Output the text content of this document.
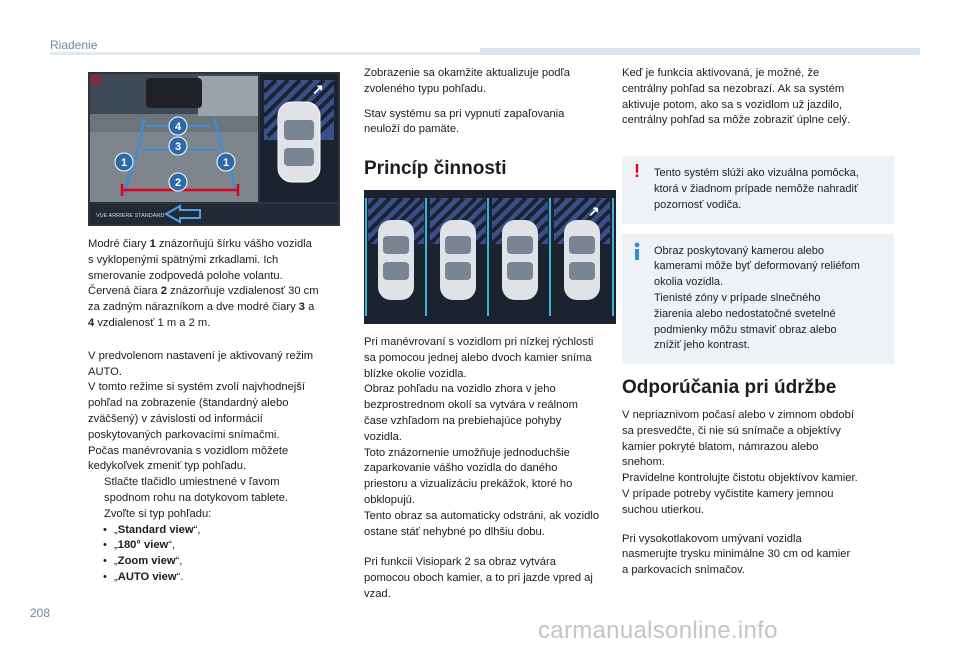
Riadenie
1	1
2
3
4
↗
VUE ARRIERE STANDARD

Modré čiary 1 znázorňujú šírku vášho vozidla
s vyklopenými spätnými zrkadlami. Ich
smerovanie zodpovedá polohe volantu.
Červená čiara 2 znázorňuje vzdialenosť 30 cm
za zadným nárazníkom a dve modré čiary 3 a
4 vzdialenosť 1 m a 2 m.

V predvolenom nastavení je aktivovaný režim
AUTO.
V tomto režime si systém zvolí najvhodnejší
pohľad na zobrazenie (štandardný alebo
zväčšený) v závislosti od informácií
poskytovaných parkovacími snímačmi.
Počas manévrovania s vozidlom môžete
kedykoľvek zmeniť typ pohľadu.
Stlačte tlačidlo umiestnené v ľavom
spodnom rohu na dotykovom tablete.
Zvoľte si typ pohľadu:
• „Standard view“,
• „180° view“,
• „Zoom view“,
• „AUTO view“.

Zobrazenie sa okamžite aktualizuje podľa
zvoleného typu pohľadu.

Stav systému sa pri vypnutí zapaľovania
neuloží do pamäte.

Princíp činnosti
↗

Pri manévrovaní s vozidlom pri nízkej rýchlosti
sa pomocou jednej alebo dvoch kamier snímа
blízke okolie vozidla.
Obraz pohľadu na vozidlo zhora v jeho
bezprostrednom okolí sa vytvára v reálnom
čase vzhľadom na prebiehajúce pohyby
vozidla.
Toto znázornenie umožňuje jednoduchšie
zaparkovanie vášho vozidla do daného
priestoru a vizualizáciu prekážok, ktoré ho
obklopujú.
Tento obraz sa automaticky odstráni, ak vozidlo
ostane stáť nehybné po dlhšiu dobu.

Pri funkcii Visiopark 2 sa obraz vytvára
pomocou oboch kamier, a to pri jazde vpred aj
vzad.

Keď je funkcia aktivovaná, je možné, že
centrálny pohľad sa nezobrazí. Ak sa systém
aktivuje potom, ako sa s vozidlom už jazdilo,
centrálny pohľad sa môže zobraziť úplne celý.

! Tento systém slúži ako vizuálna pomôcka,
ktorá v žiadnom prípade nemôže nahradiť
pozornosť vodiča.
Obraz poskytovaný kamerou alebo
kamerami môže byť deformovaný reliéfom
okolia vozidla.
Tienisté zóny v prípade slnečného
žiarenia alebo nedostatočné svetelné
podmienky môžu stmaviť obraz alebo
znížiť jeho kontrast.
Odporúčania pri údržbe

V nepriaznivom počasí alebo v zimnom období
sa presvedčte, či nie sú snímače a objektívy
kamier pokryté blatom, námrazou alebo
snehom.
Pravidelne kontrolujte čistotu objektívov kamier.
V prípade potreby vyčistite kamery jemnou
suchou utierkou.

Pri vysokotlakovom umývaní vozidla
nasmerujte trysku minimálne 30 cm od kamier
a parkovacích snímačov.

208
carmanualsonline.info
